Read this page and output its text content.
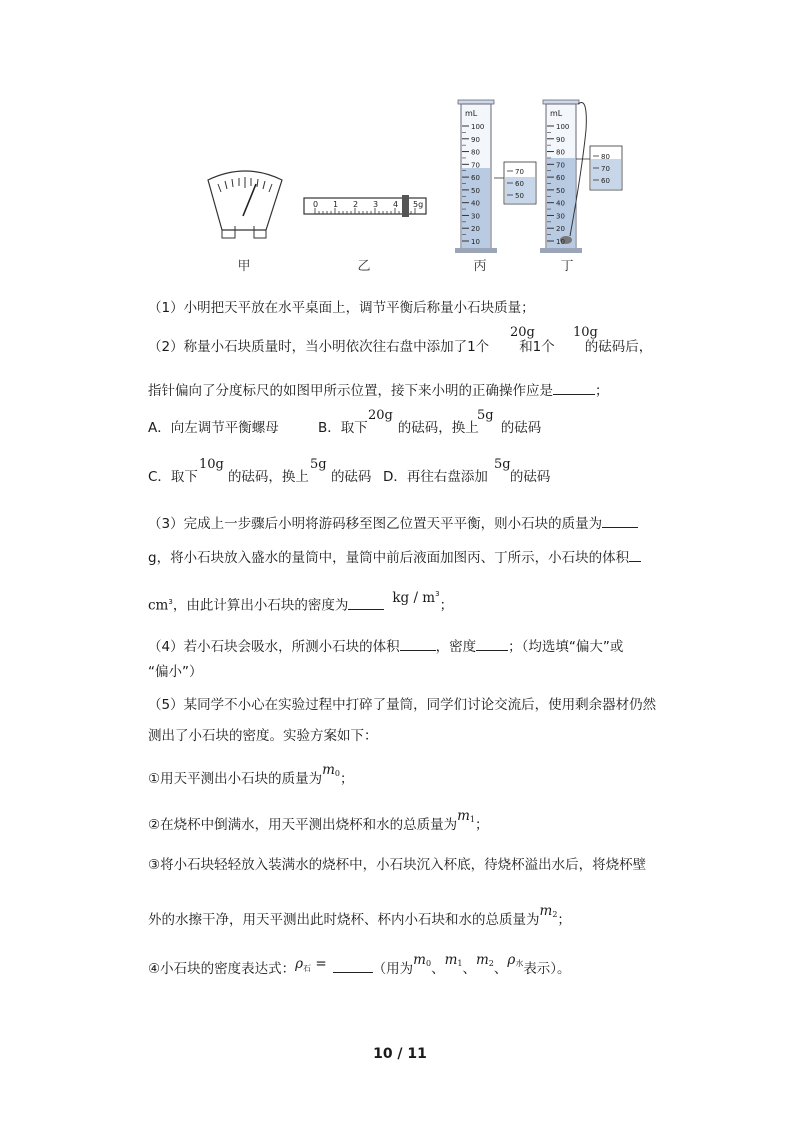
甲
0 1 2 3 4 5g
乙
mL
100
90
80
70
60
50
40
30
20
10
70
60
50
丙
mL
100
90
80
70
60
50
40
30
20
10
80
70
60
丁
（1）小明把天平放在水平桌面上，调节平衡后称量小石块质量；
（2）称量小石块质量时，当小明依次往右盘中添加了1个 和1个 的砝码后，
20g	10g
指针偏向了分度标尺的如图甲所示位置，接下来小明的正确操作应是	；
A．向左调节平衡螺母	B．取下 的砝码，换上 的砝码
20g	5g
C．取下 的砝码，换上 的砝码
10g	5g
D．再往右盘添加 的砝码
5g
（3）完成上一步骤后小明将游码移至图乙位置天平平衡，则小石块的质量为
g，将小石块放入盛水的量筒中，量筒中前后液面加图丙、丁所示，小石块的体积
$cm^3$，由此计算出小石块的密度为	kg / $m^3$；
（4）若小石块会吸水，所测小石块的体积	，密度 ；（均选填“偏大”或
“偏小”）
（5）某同学不小心在实验过程中打碎了量筒，同学们讨论交流后，使用剩余器材仍然
测出了小石块的密度。实验方案如下：
①用天平测出小石块的质量为$m^0$；
②在烧杯中倒满水，用天平测出烧杯和水的总质量为$m^1$；
③将小石块轻轻放入装满水的烧杯中，小石块沉入杯底，待烧杯溢出水后，将烧杯壁
外的水擦干净，用天平测出此时烧杯、杯内小石块和水的总质量为$m^2$；
④小石块的密度表达式：ρ石 =	（用为$m^0$、$m^1$、$m^2$、$\rho^水$表示）。
10 / 11
